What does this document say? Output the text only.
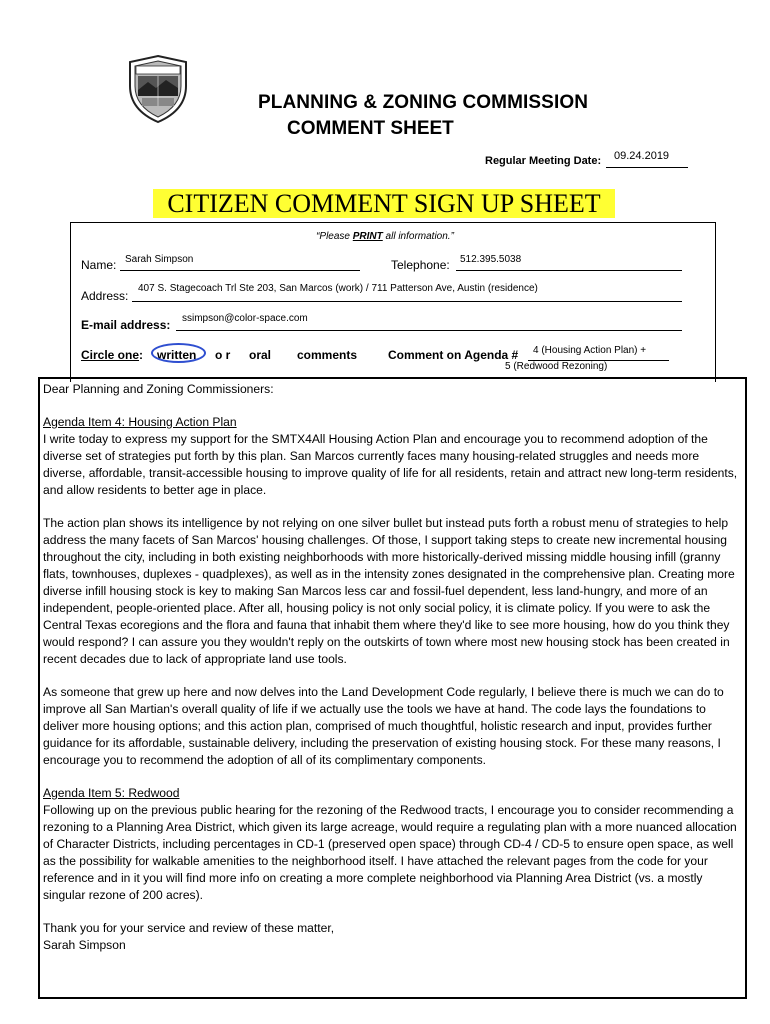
PLANNING & ZONING COMMISSION
COMMENT SHEET
Regular Meeting Date: 09.24.2019
CITIZEN COMMENT SIGN UP SHEET
“Please PRINT all information.”
Name: Sarah Simpson	Telephone: 512.395.5038
Address:
407 S. Stagecoach Trl Ste 203, San Marcos (work) / 711 Patterson Ave, Austin (residence)
E-mail address: ssimpson@color-space.com
Circle one: written o r oral comments	Comment on Agenda # 4 (Housing Action Plan) +
5 (Redwood Rezoning)

Dear Planning and Zoning Commissioners:

Agenda Item 4: Housing Action Plan

I write today to express my support for the SMTX4All Housing Action Plan and encourage you to recommend adoption of the diverse set of strategies put forth by this plan. San Marcos currently faces many housing-related struggles and needs more diverse, affordable, transit-accessible housing to improve quality of life for all residents, retain and attract new long-term residents, and allow residents to better age in place.

The action plan shows its intelligence by not relying on one silver bullet but instead puts forth a robust menu of strategies to help address the many facets of San Marcos' housing challenges. Of those, I support taking steps to create new incremental housing throughout the city, including in both existing neighborhoods with more historically-derived missing middle housing infill (granny flats, townhouses, duplexes - quadplexes), as well as in the intensity zones designated in the comprehensive plan. Creating more diverse infill housing stock is key to making San Marcos less car and fossil-fuel dependent, less land-hungry, and more of an independent, people-oriented place. After all, housing policy is not only social policy, it is climate policy. If you were to ask the Central Texas ecoregions and the flora and fauna that inhabit them where they'd like to see more housing, how do you think they would respond? I can assure you they wouldn't reply on the outskirts of town where most new housing stock has been created in recent decades due to lack of appropriate land use tools.

As someone that grew up here and now delves into the Land Development Code regularly, I believe there is much we can do to improve all San Martian's overall quality of life if we actually use the tools we have at hand. The code lays the foundations to deliver more housing options; and this action plan, comprised of much thoughtful, holistic research and input, provides further guidance for its affordable, sustainable delivery, including the preservation of existing housing stock. For these many reasons, I encourage you to recommend the adoption of all of its complimentary components.

Agenda Item 5: Redwood

Following up on the previous public hearing for the rezoning of the Redwood tracts, I encourage you to consider recommending a rezoning to a Planning Area District, which given its large acreage, would require a regulating plan with a more nuanced allocation of Character Districts, including percentages in CD-1 (preserved open space) through CD-4 / CD-5 to ensure open space, as well as the possibility for walkable amenities to the neighborhood itself. I have attached the relevant pages from the code for your reference and in it you will find more info on creating a more complete neighborhood via Planning Area District (vs. a mostly singular rezone of 200 acres).

Thank you for your service and review of these matter,
Sarah Simpson
